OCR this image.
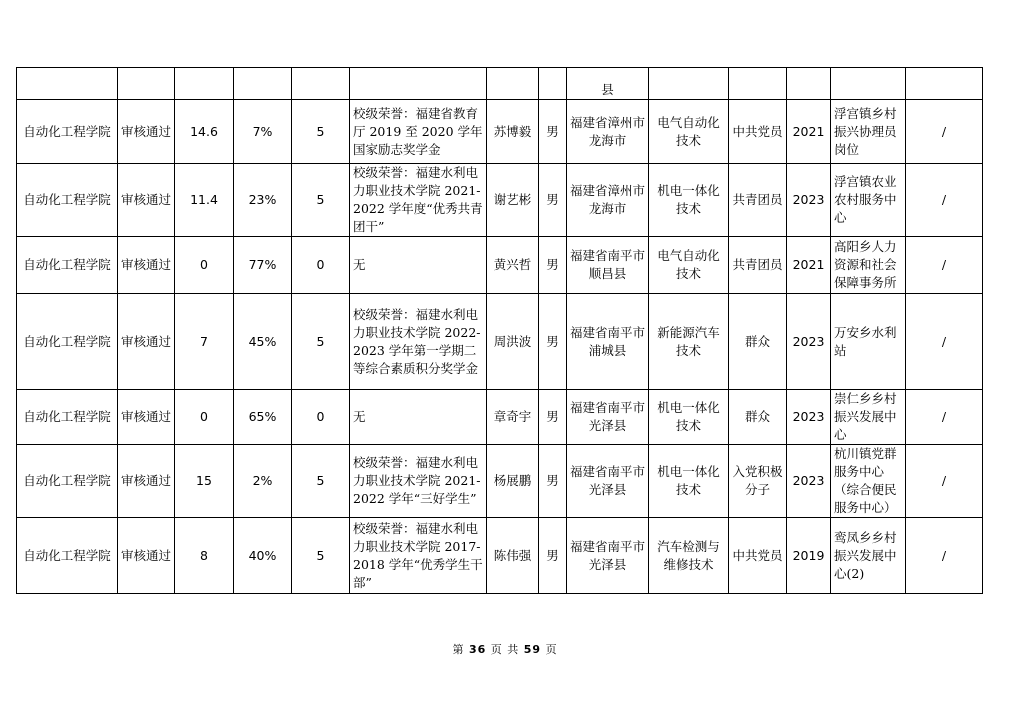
								县					
自动化工程学院	审核通过	14.6	7%	5	校级荣誉：福建省教育厅 2019 至 2020 学年国家励志奖学金	苏博毅	男	福建省漳州市龙海市	电气自动化技术	中共党员	2021	浮宫镇乡村振兴协理员岗位	/
自动化工程学院	审核通过	11.4	23%	5	校级荣誉：福建水利电力职业技术学院 2021-2022 学年度“优秀共青团干”	谢艺彬	男	福建省漳州市龙海市	机电一体化技术	共青团员	2023	浮宫镇农业农村服务中心	/
自动化工程学院	审核通过	0	77%	0	无	黄兴哲	男	福建省南平市顺昌县	电气自动化技术	共青团员	2021	高阳乡人力资源和社会保障事务所	/
自动化工程学院	审核通过	7	45%	5	校级荣誉：福建水利电力职业技术学院 2022-2023 学年第一学期二等综合素质积分奖学金	周洪波	男	福建省南平市浦城县	新能源汽车技术	群众	2023	万安乡水利站	/
自动化工程学院	审核通过	0	65%	0	无	章奇宇	男	福建省南平市光泽县	机电一体化技术	群众	2023	崇仁乡乡村振兴发展中心	/
自动化工程学院	审核通过	15	2%	5	校级荣誉：福建水利电力职业技术学院 2021-2022 学年“三好学生”	杨展鹏	男	福建省南平市光泽县	机电一体化技术	入党积极分子	2023	杭川镇党群服务中心（综合便民服务中心）	/
自动化工程学院	审核通过	8	40%	5	校级荣誉：福建水利电力职业技术学院 2017-2018 学年“优秀学生干部”	陈伟强	男	福建省南平市光泽县	汽车检测与维修技术	中共党员	2019	鸾凤乡乡村振兴发展中心(2)	/
第 36 页 共 59 页
